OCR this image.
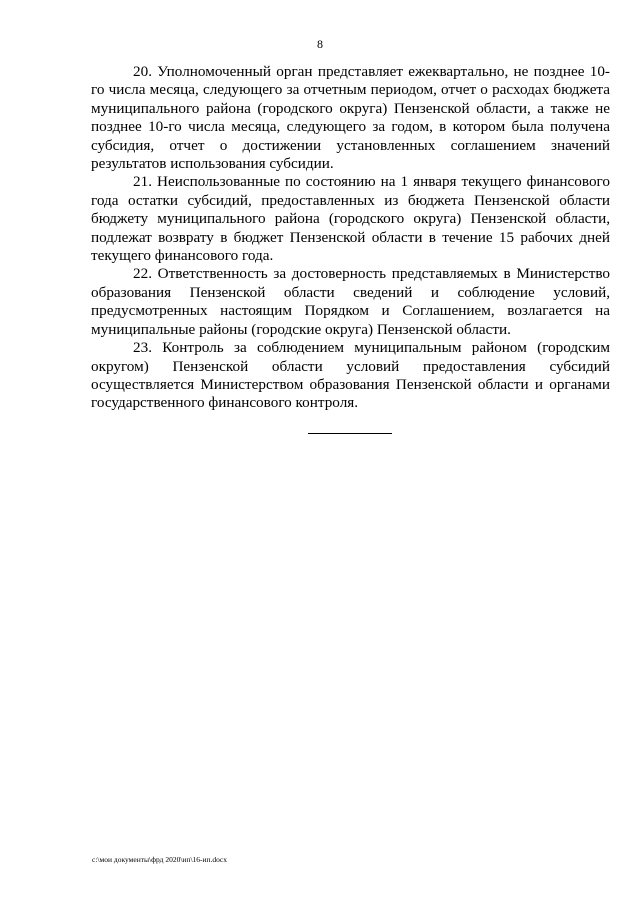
8

20. Уполномоченный орган представляет ежеквартально, не позднее 10-го числа месяца, следующего за отчетным периодом, отчет о расходах бюджета муниципального района (городского округа) Пензенской области, а также не позднее 10-го числа месяца, следующего за годом, в котором была получена субсидия, отчет о достижении установленных соглашением значений результатов использования субсидии.

21. Неиспользованные по состоянию на 1 января текущего финансового года остатки субсидий, предоставленных из бюджета Пензенской области бюджету муниципального района (городского округа) Пензенской области, подлежат возврату в бюджет Пензенской области в течение 15 рабочих дней текущего финансового года.

22. Ответственность за достоверность представляемых в Министерство образования Пензенской области сведений и соблюдение условий, предусмотренных настоящим Порядком и Соглашением, возлагается на муниципальные районы (городские округа) Пензенской области.

23. Контроль за соблюдением муниципальным районом (городским округом) Пензенской области условий предоставления субсидий осуществляется Министерством образования Пензенской области и органами государственного финансового контроля.

c:\мои документы\фрд 2020\ип\16-ип.docx
